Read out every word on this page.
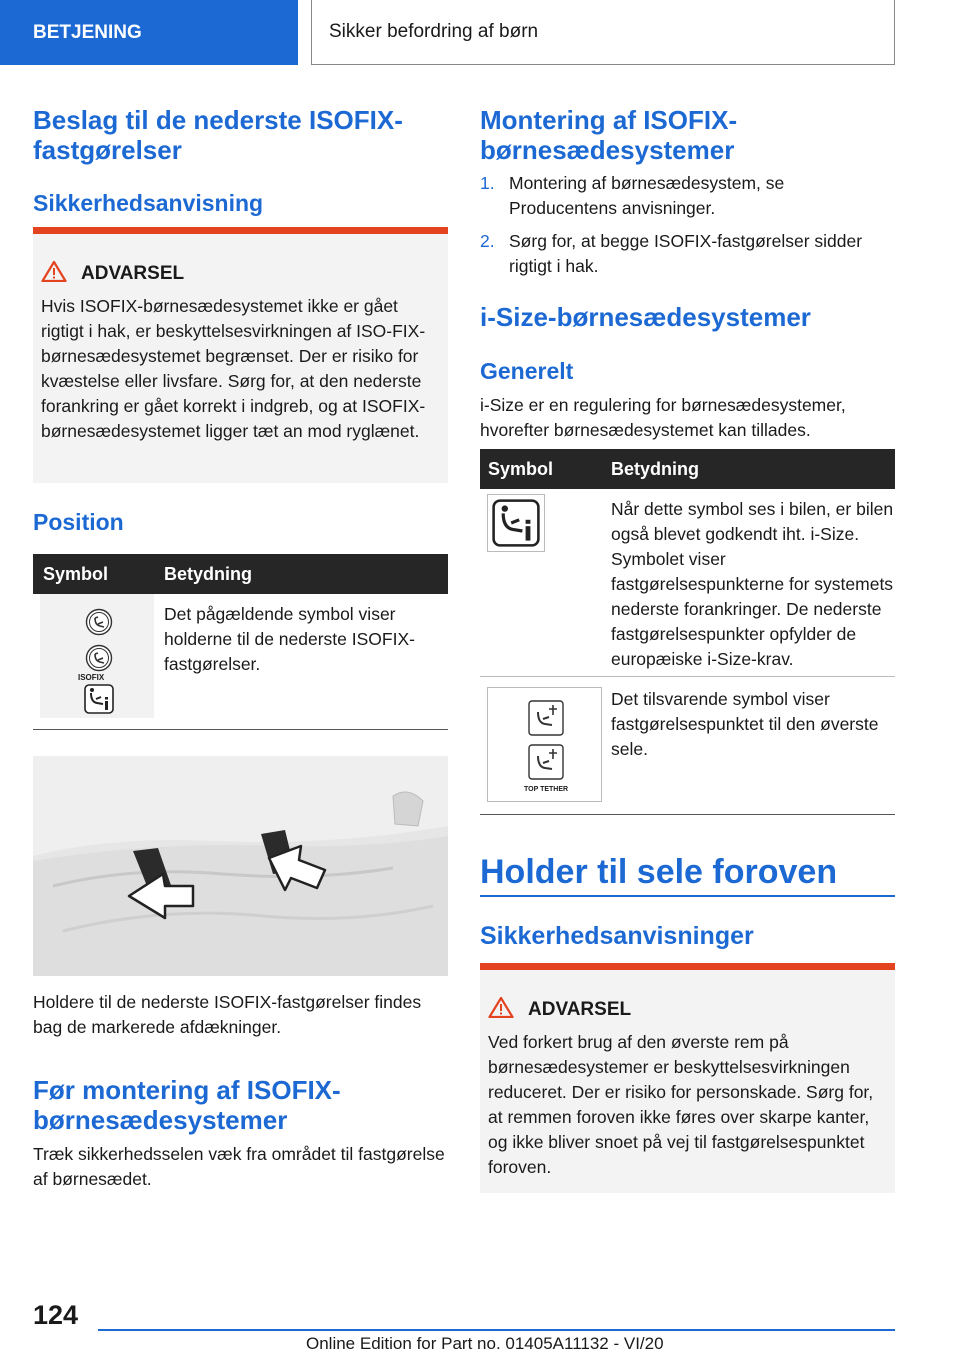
BETJENING	Sikker befordring af børn
Beslag til de nederste ISOFIX-fastgørelser
Sikkerhedsanvisning
ADVARSEL
Hvis ISOFIX-børnesædesystemet ikke er gået rigtigt i hak, er beskyttelsesvirkningen af ISO-FIX-børnesædesystemet begrænset. Der er risiko for kvæstelse eller livsfare. Sørg for, at den nederste forankring er gået korrekt i indgreb, og at ISOFIX-børnesædesystemet ligger tæt an mod ryglænet.
Position
Symbol	Betydning
ISOFIX
Det pågældende symbol viser holderne til de nederste ISOFIX-fastgørelser.
Holdere til de nederste ISOFIX-fastgørelser findes bag de markerede afdækninger.
Før montering af ISOFIX-børnesædesystemer
Træk sikkerhedsselen væk fra området til fastgørelse af børnesædet.
Montering af ISOFIX-børnesædesystemer
1. Montering af børnesædesystem, se Producentens anvisninger.
2. Sørg for, at begge ISOFIX-fastgørelser sidder rigtigt i hak.
i-Size-børnesædesystemer
Generelt
i-Size er en regulering for børnesædesystemer, hvorefter børnesædesystemet kan tillades.
Symbol	Betydning
Når dette symbol ses i bilen, er bilen også blevet godkendt iht. i-Size. Symbolet viser fastgørelsespunkterne for systemets nederste forankringer. De nederste fastgørelsespunkter opfylder de europæiske i-Size-krav.
TOP TETHER
Det tilsvarende symbol viser fastgørelsespunktet til den øverste sele.
Holder til sele foroven
Sikkerhedsanvisninger
ADVARSEL
Ved forkert brug af den øverste rem på børnesædesystemer er beskyttelsesvirkningen reduceret. Der er risiko for personskade. Sørg for, at remmen foroven ikke føres over skarpe kanter, og ikke bliver snoet på vej til fastgørelsespunktet foroven.
124
Online Edition for Part no. 01405A11132 - VI/20
